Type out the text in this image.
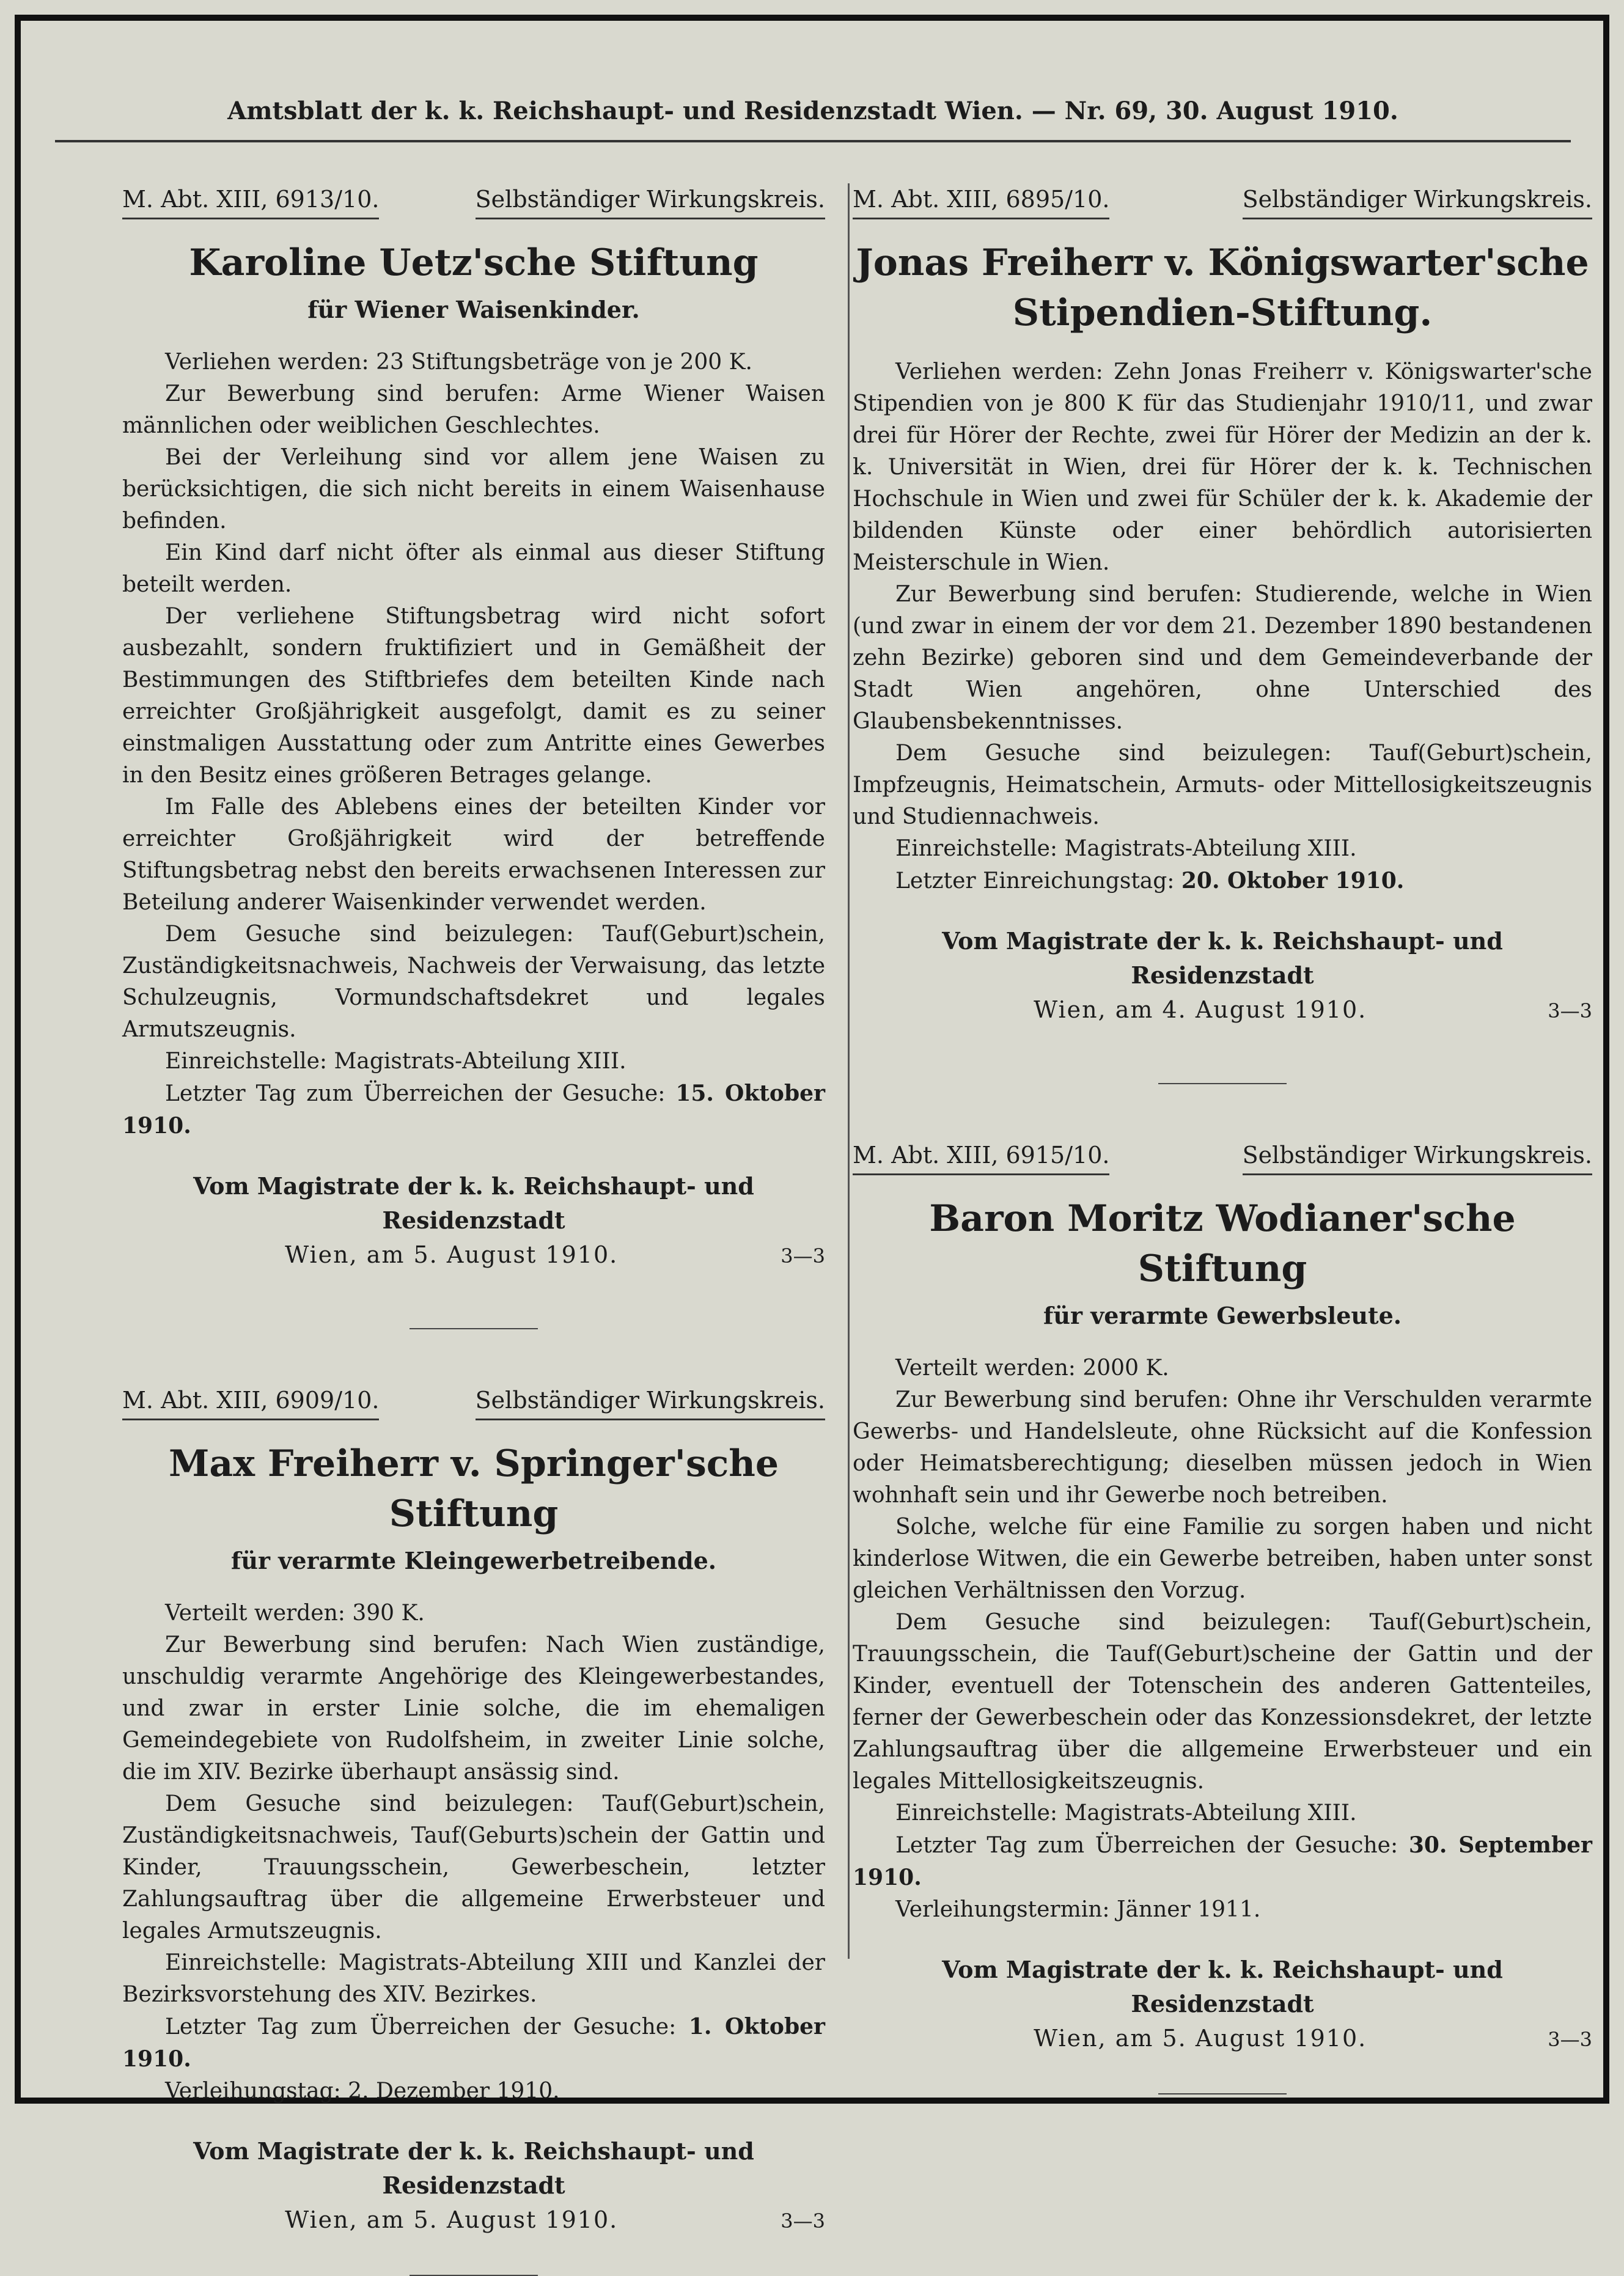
Amtsblatt der k. k. Reichshaupt- und Residenzstadt Wien. — Nr. 69, 30. August 1910.
M. Abt. XIII, 6913/10.	Selbständiger Wirkungskreis.
Karoline Uetz'sche Stiftung
für Wiener Waisenkinder.

Verliehen werden: 23 Stiftungsbeträge von je 200 K.

Zur Bewerbung sind berufen: Arme Wiener Waisen männlichen oder weiblichen Geschlechtes.

Bei der Verleihung sind vor allem jene Waisen zu berücksichtigen, die sich nicht bereits in einem Waisenhause befinden.

Ein Kind darf nicht öfter als einmal aus dieser Stiftung beteilt werden.

Der verliehene Stiftungsbetrag wird nicht sofort ausbezahlt, sondern fruktifiziert und in Gemäßheit der Bestimmungen des Stiftbriefes dem beteilten Kinde nach erreichter Großjährigkeit ausgefolgt, damit es zu seiner einstmaligen Ausstattung oder zum Antritte eines Gewerbes in den Besitz eines größeren Betrages gelange.

Im Falle des Ablebens eines der beteilten Kinder vor erreichter Großjährigkeit wird der betreffende Stiftungsbetrag nebst den bereits erwachsenen Interessen zur Beteilung anderer Waisenkinder verwendet werden.

Dem Gesuche sind beizulegen: Tauf(Geburt)schein, Zuständigkeitsnachweis, Nachweis der Verwaisung, das letzte Schulzeugnis, Vormundschaftsdekret und legales Armutszeugnis.

Einreichstelle: Magistrats-Abteilung XIII.

Letzter Tag zum Überreichen der Gesuche: 15. Oktober 1910.

Vom Magistrate der k. k. Reichshaupt- und Residenzstadt
Wien, am 5. August 1910.	3—3
M. Abt. XIII, 6909/10.	Selbständiger Wirkungskreis.
Max Freiherr v. Springer'sche Stiftung
für verarmte Kleingewerbetreibende.

Verteilt werden: 390 K.

Zur Bewerbung sind berufen: Nach Wien zuständige, unschuldig verarmte Angehörige des Kleingewerbestandes, und zwar in erster Linie solche, die im ehemaligen Gemeindegebiete von Rudolfsheim, in zweiter Linie solche, die im XIV. Bezirke überhaupt ansässig sind.

Dem Gesuche sind beizulegen: Tauf(Geburt)schein, Zuständigkeitsnachweis, Tauf(Geburts)schein der Gattin und Kinder, Trauungsschein, Gewerbeschein, letzter Zahlungsauftrag über die allgemeine Erwerbsteuer und legales Armutszeugnis.

Einreichstelle: Magistrats-Abteilung XIII und Kanzlei der Bezirksvorstehung des XIV. Bezirkes.

Letzter Tag zum Überreichen der Gesuche: 1. Oktober 1910.

Verleihungstag: 2. Dezember 1910.

Vom Magistrate der k. k. Reichshaupt- und Residenzstadt
Wien, am 5. August 1910.	3—3
M. Abt. XIII, 6895/10.	Selbständiger Wirkungskreis.
Jonas Freiherr v. Königswarter'sche
Stipendien-Stiftung.

Verliehen werden: Zehn Jonas Freiherr v. Königswarter'sche Stipendien von je 800 K für das Studienjahr 1910/11, und zwar drei für Hörer der Rechte, zwei für Hörer der Medizin an der k. k. Universität in Wien, drei für Hörer der k. k. Technischen Hochschule in Wien und zwei für Schüler der k. k. Akademie der bildenden Künste oder einer behördlich autorisierten Meisterschule in Wien.

Zur Bewerbung sind berufen: Studierende, welche in Wien (und zwar in einem der vor dem 21. Dezember 1890 bestandenen zehn Bezirke) geboren sind und dem Gemeindeverbande der Stadt Wien angehören, ohne Unterschied des Glaubensbekenntnisses.

Dem Gesuche sind beizulegen: Tauf(Geburt)schein, Impfzeugnis, Heimatschein, Armuts- oder Mittellosigkeitszeugnis und Studiennachweis.

Einreichstelle: Magistrats-Abteilung XIII.

Letzter Einreichungstag: 20. Oktober 1910.

Vom Magistrate der k. k. Reichshaupt- und Residenzstadt
Wien, am 4. August 1910.	3—3
M. Abt. XIII, 6915/10.	Selbständiger Wirkungskreis.
Baron Moritz Wodianer'sche Stiftung
für verarmte Gewerbsleute.

Verteilt werden: 2000 K.

Zur Bewerbung sind berufen: Ohne ihr Verschulden verarmte Gewerbs- und Handelsleute, ohne Rücksicht auf die Konfession oder Heimatsberechtigung; dieselben müssen jedoch in Wien wohnhaft sein und ihr Gewerbe noch betreiben.

Solche, welche für eine Familie zu sorgen haben und nicht kinderlose Witwen, die ein Gewerbe betreiben, haben unter sonst gleichen Verhältnissen den Vorzug.

Dem Gesuche sind beizulegen: Tauf(Geburt)schein, Trauungsschein, die Tauf(Geburt)scheine der Gattin und der Kinder, eventuell der Totenschein des anderen Gattenteiles, ferner der Gewerbeschein oder das Konzessionsdekret, der letzte Zahlungsauftrag über die allgemeine Erwerbsteuer und ein legales Mittellosigkeitszeugnis.

Einreichstelle: Magistrats-Abteilung XIII.

Letzter Tag zum Überreichen der Gesuche: 30. September 1910.

Verleihungstermin: Jänner 1911.

Vom Magistrate der k. k. Reichshaupt- und Residenzstadt
Wien, am 5. August 1910.	3—3
